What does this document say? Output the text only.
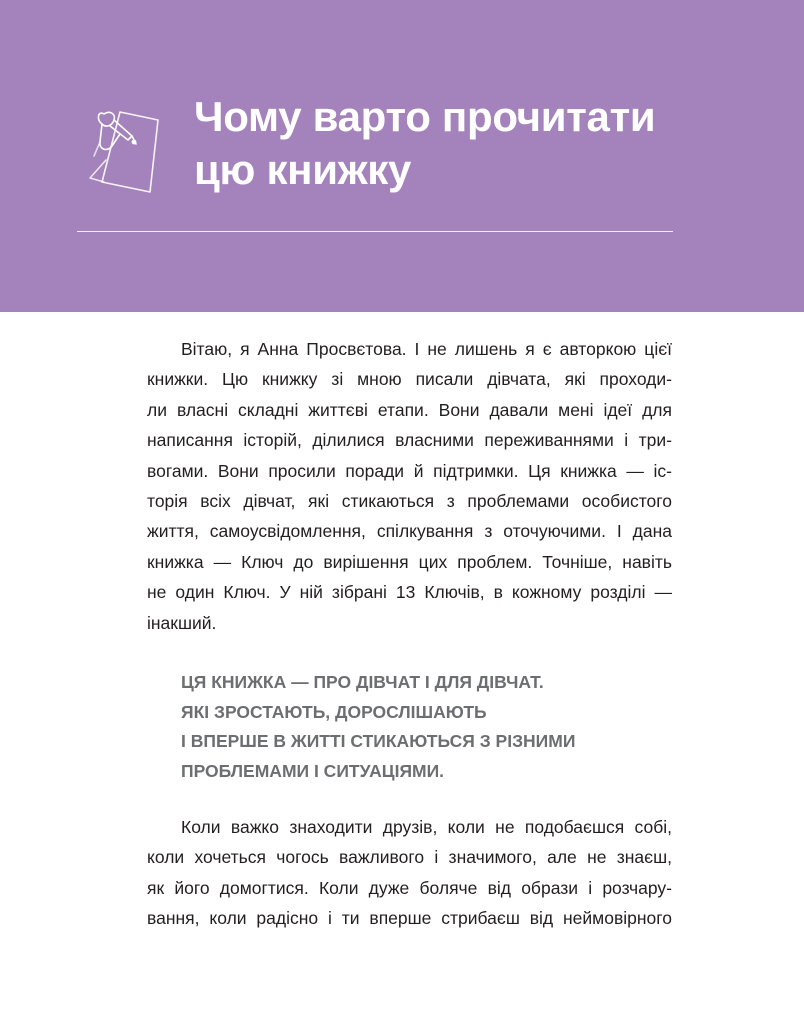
Чому варто прочитати
цю книжку

Вітаю, я Анна Просвєтова. І не лишень я є авторкою цієї
книжки. Цю книжку зі мною писали дівчата, які проходи-
ли власні складні життєві етапи. Вони давали мені ідеї для
написання історій, ділилися власними переживаннями і три-
вогами. Вони просили поради й підтримки. Ця книжка — іс-
торія всіх дівчат, які стикаються з проблемами особистого
життя, самоусвідомлення, спілкування з оточуючими. І дана
книжка — Ключ до вирішення цих проблем. Точніше, навіть
не один Ключ. У ній зібрані 13 Ключів, в кожному розділі —
інакший.

ЦЯ КНИЖКА — ПРО ДІВЧАТ І ДЛЯ ДІВЧАТ.
ЯКІ ЗРОСТАЮТЬ, ДОРОСЛІШАЮТЬ
І ВПЕРШЕ В ЖИТТІ СТИКАЮТЬСЯ З РІЗНИМИ
ПРОБЛЕМАМИ І СИТУАЦІЯМИ.

Коли важко знаходити друзів, коли не подобаєшся собі,
коли хочеться чогось важливого і значимого, але не знаєш,
як його домогтися. Коли дуже боляче від образи і розчару-
вання, коли радісно і ти вперше стрибаєш від неймовірного
